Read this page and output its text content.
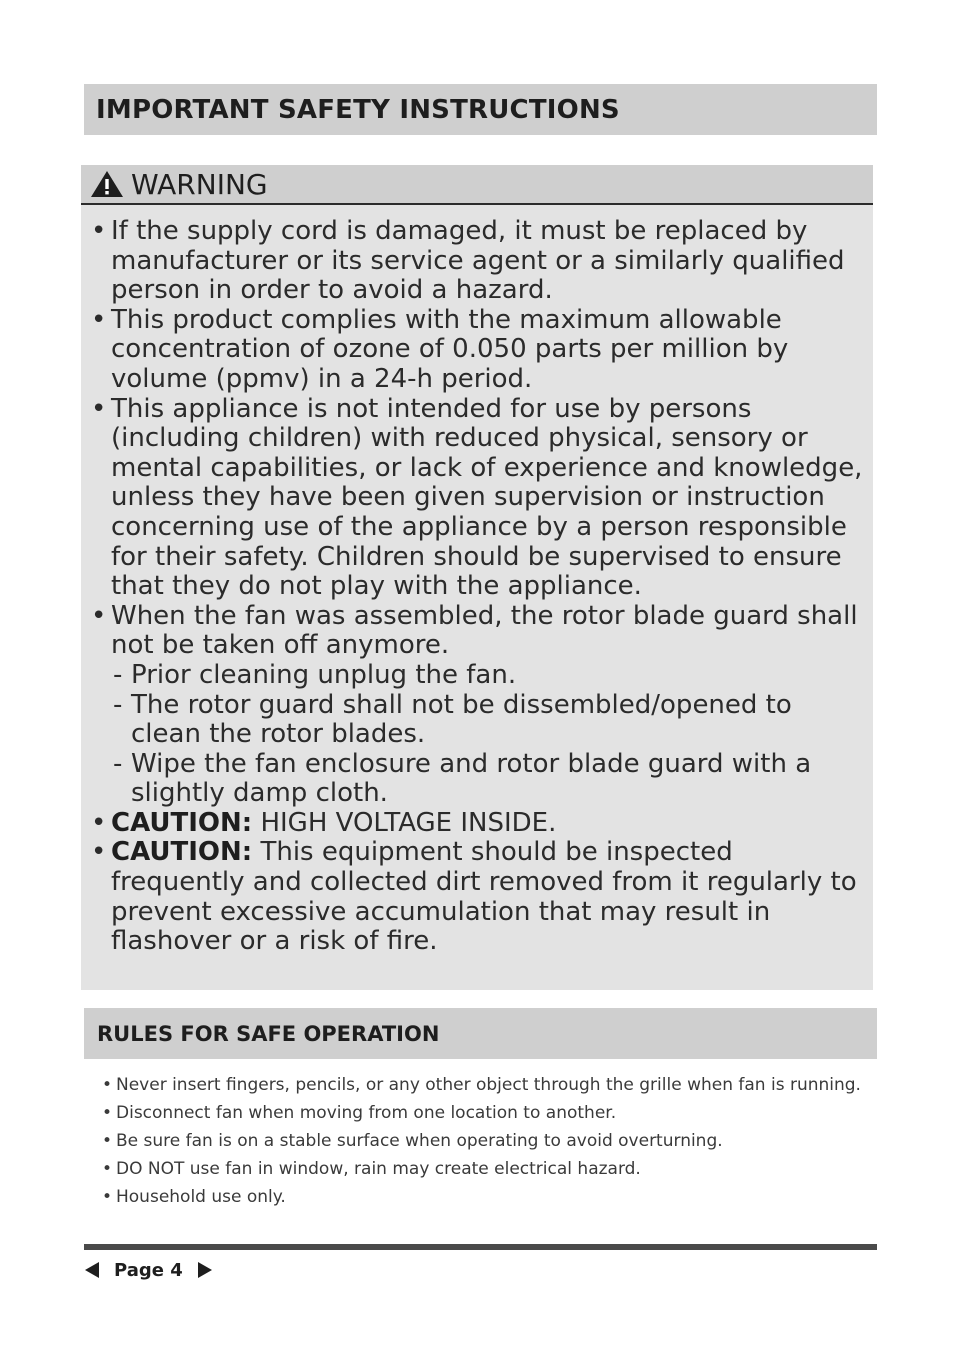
IMPORTANT SAFETY INSTRUCTIONS
WARNING
• If the supply cord is damaged, it must be replaced by manufacturer or its service agent or a similarly qualified person in order to avoid a hazard.
• This product complies with the maximum allowable concentration of ozone of 0.050 parts per million by volume (ppmv) in a 24-h period.
• This appliance is not intended for use by persons (including children) with reduced physical, sensory or mental capabilities, or lack of experience and knowledge, unless they have been given supervision or instruction concerning use of the appliance by a person responsible for their safety. Children should be supervised to ensure that they do not play with the appliance.
• When the fan was assembled, the rotor blade guard shall not be taken off anymore.
- Prior cleaning unplug the fan.
- The rotor guard shall not be dissembled/opened to clean the rotor blades.
- Wipe the fan enclosure and rotor blade guard with a slightly damp cloth.
• CAUTION: HIGH VOLTAGE INSIDE.
• CAUTION: This equipment should be inspected frequently and collected dirt removed from it regularly to prevent excessive accumulation that may result in flashover or a risk of fire.
RULES FOR SAFE OPERATION
• Never insert fingers, pencils, or any other object through the grille when fan is running.
• Disconnect fan when moving from one location to another.
• Be sure fan is on a stable surface when operating to avoid overturning.
• DO NOT use fan in window, rain may create electrical hazard.
• Household use only.
Page 4
